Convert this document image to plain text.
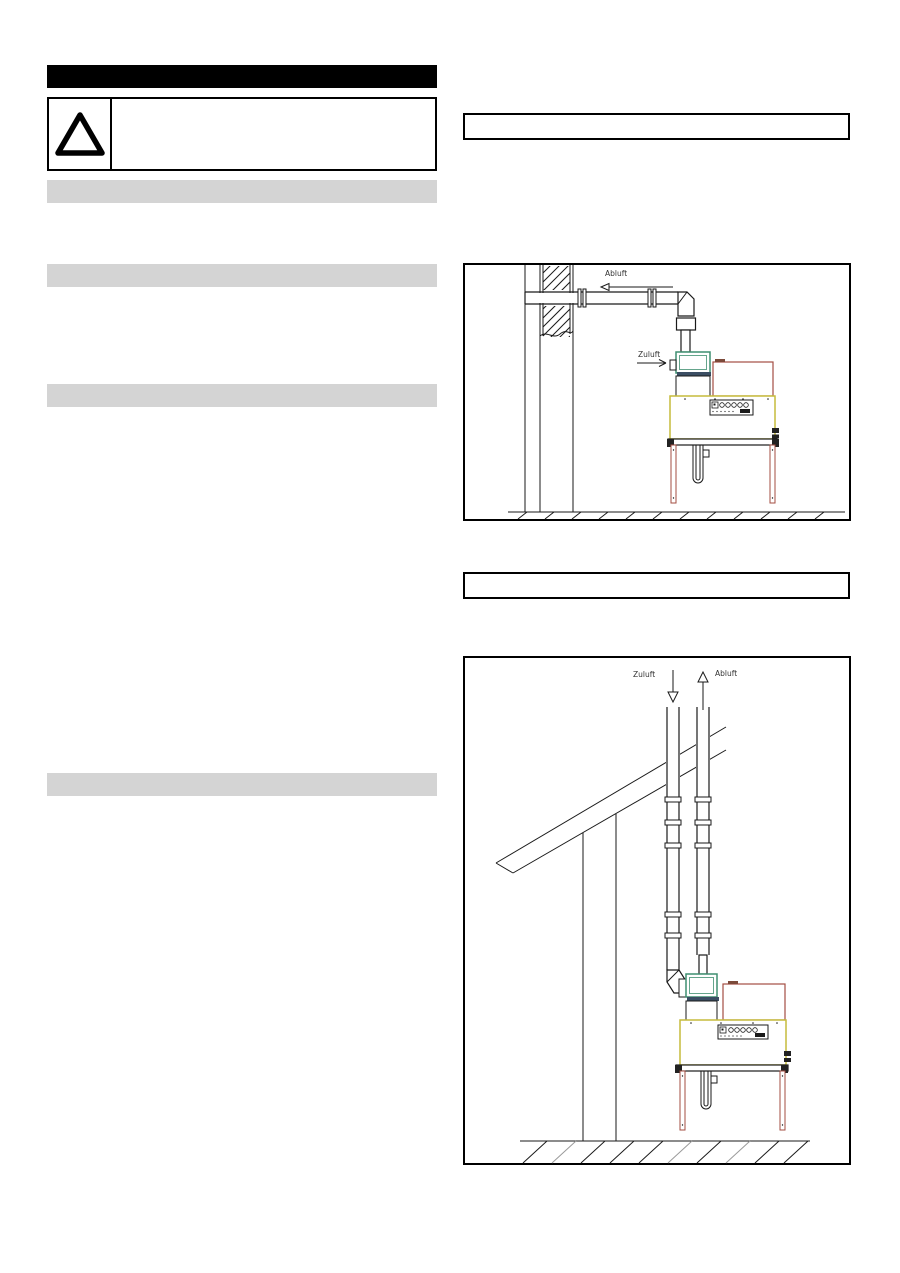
Abluft
Zuluft
Zuluft	Abluft
